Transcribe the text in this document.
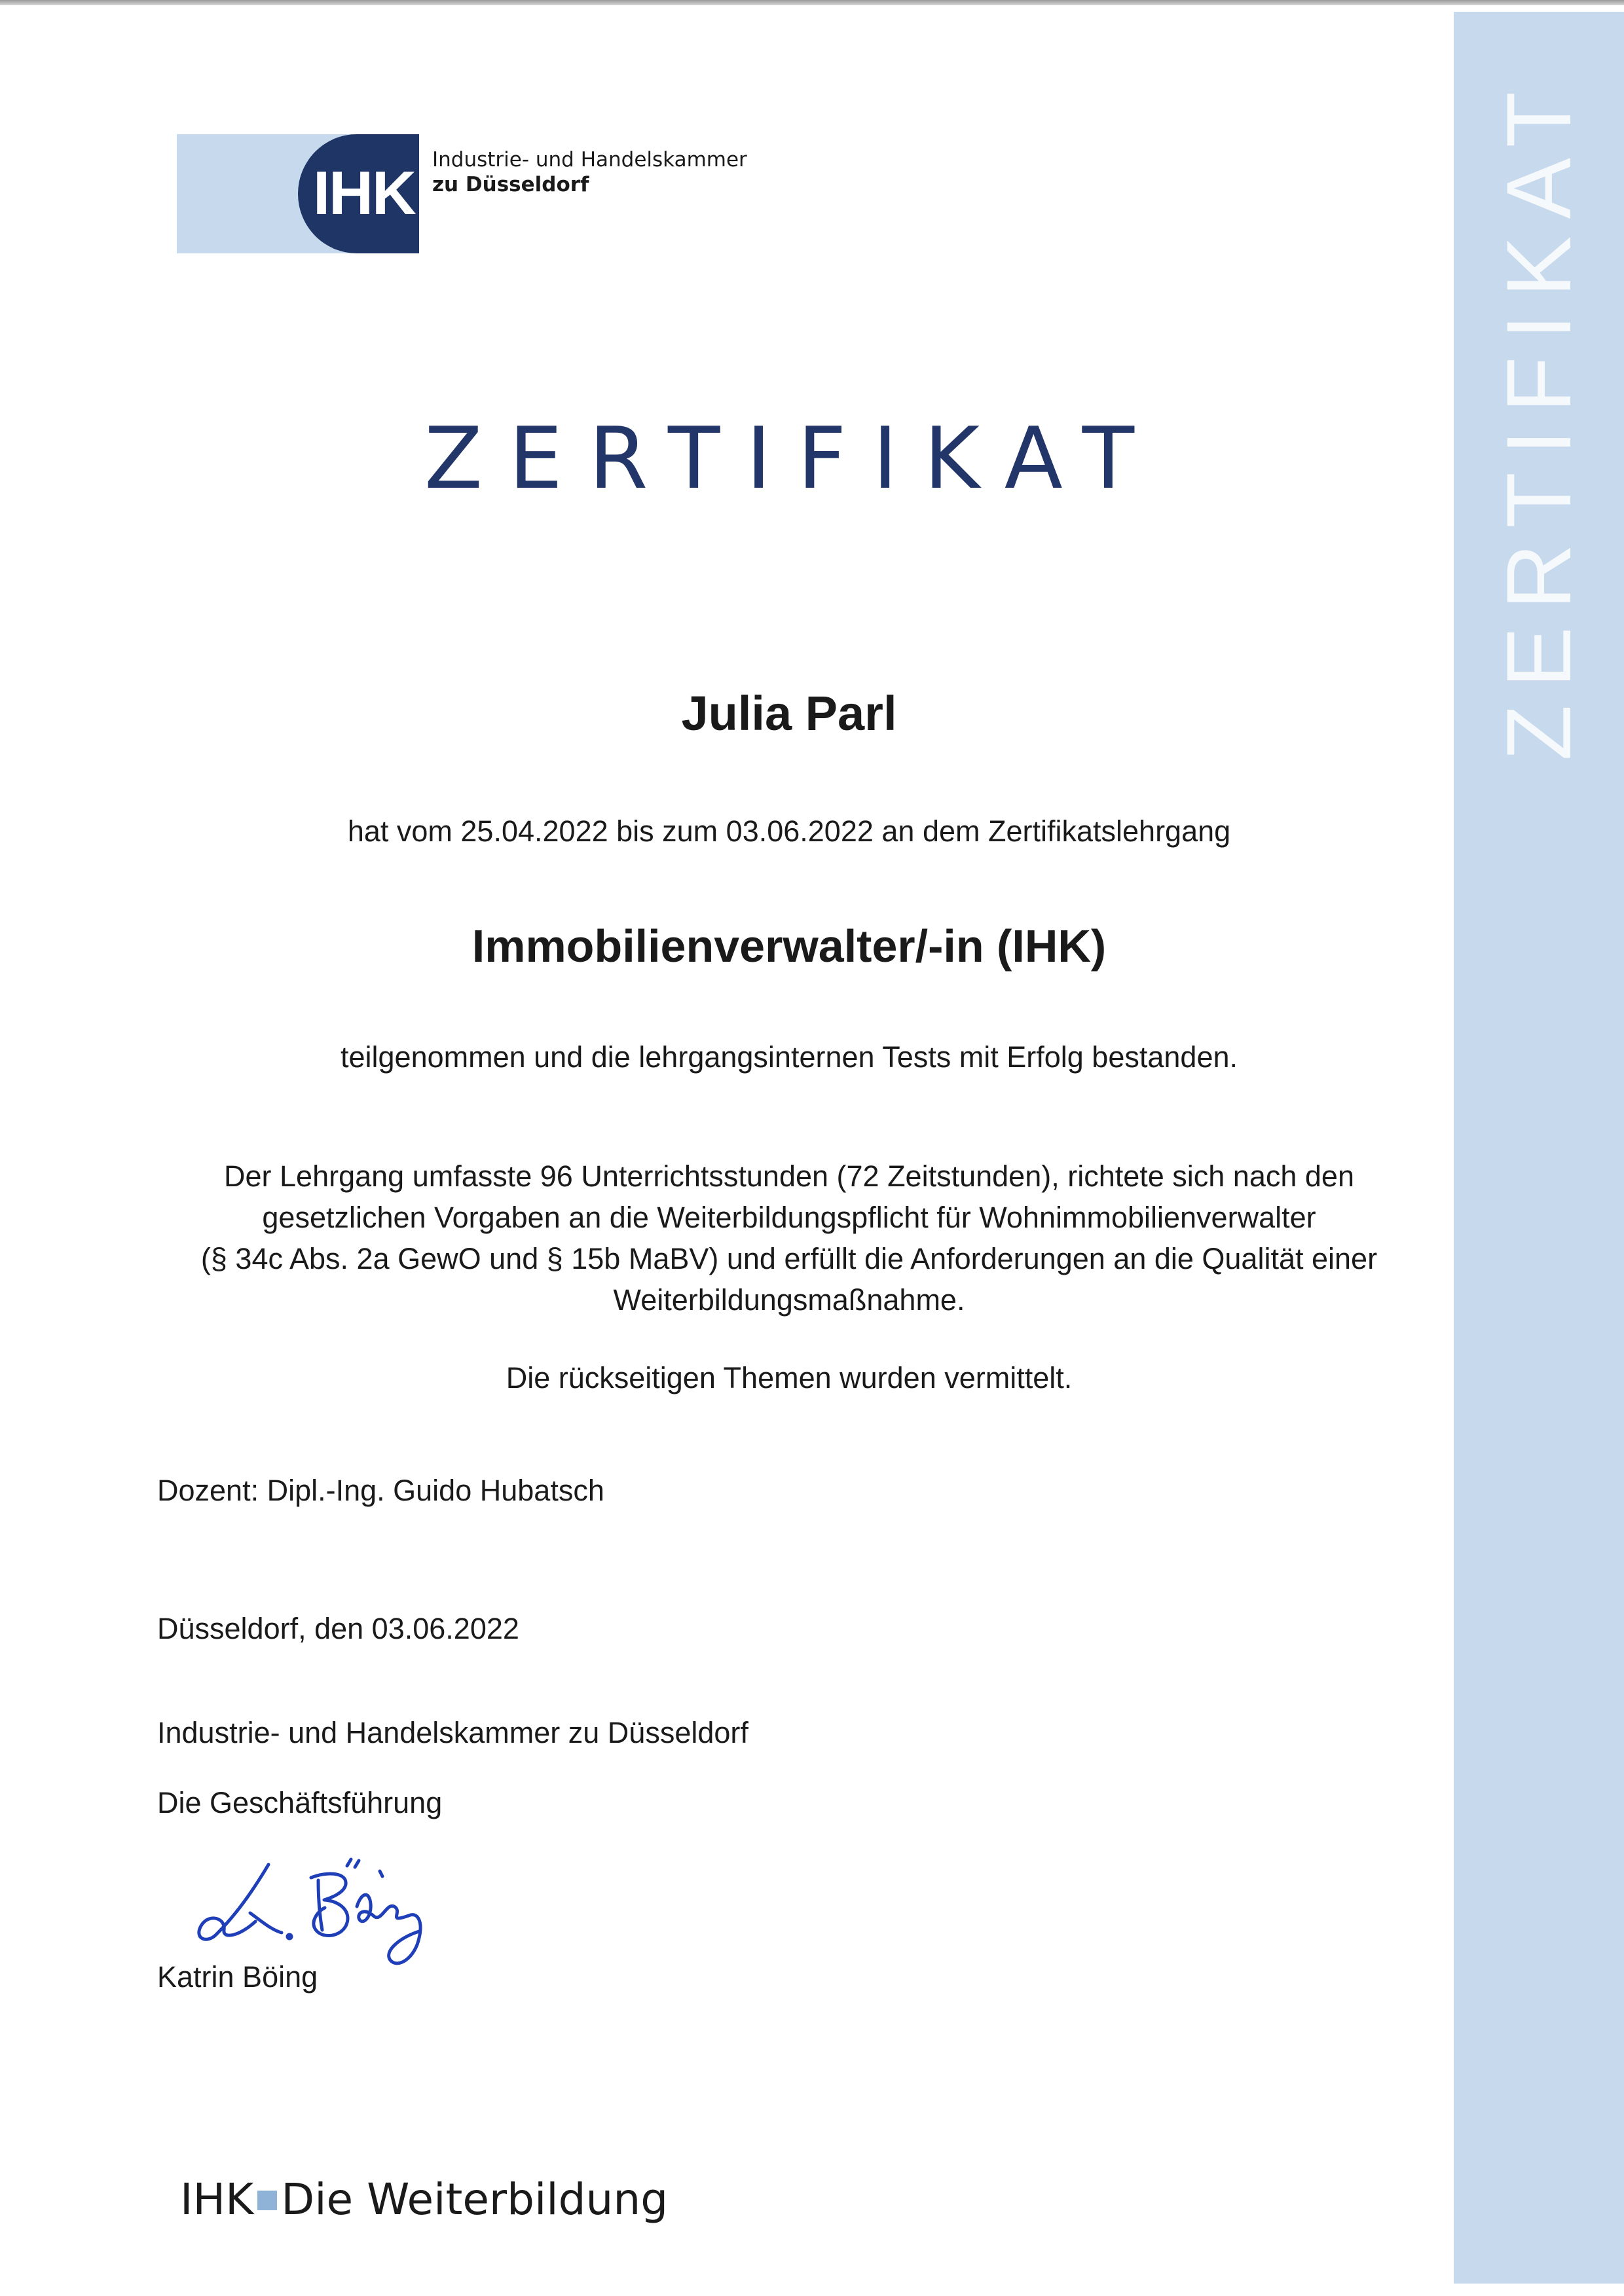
ZERTIFIKAT
IHK Industrie- und Handelskammer
zu Düsseldorf
ZERTIFIKAT
Julia Parl
hat vom 25.04.2022 bis zum 03.06.2022 an dem Zertifikatslehrgang
Immobilienverwalter/-in (IHK)
teilgenommen und die lehrgangsinternen Tests mit Erfolg bestanden.
Der Lehrgang umfasste 96 Unterrichtsstunden (72 Zeitstunden), richtete sich nach den
gesetzlichen Vorgaben an die Weiterbildungspflicht für Wohnimmobilienverwalter
(§ 34c Abs. 2a GewO und § 15b MaBV) und erfüllt die Anforderungen an die Qualität einer
Weiterbildungsmaßnahme.
Die rückseitigen Themen wurden vermittelt.
Dozent: Dipl.-Ing. Guido Hubatsch
Düsseldorf, den 03.06.2022
Industrie- und Handelskammer zu Düsseldorf
Die Geschäftsführung
Katrin Böing
IHK Die Weiterbildung
